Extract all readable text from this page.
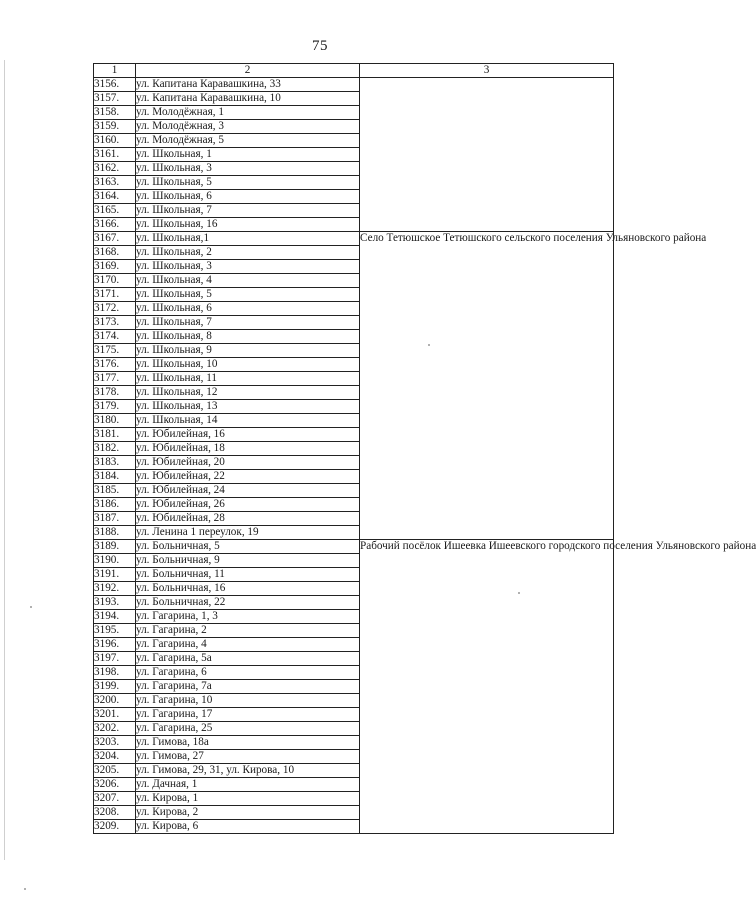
75
1	2	3
3156.	ул. Капитана Каравашкина, 33	
3157.	ул. Капитана Каравашкина, 10	
3158.	ул. Молодёжная, 1	
3159.	ул. Молодёжная, 3	
3160.	ул. Молодёжная, 5	
3161.	ул. Школьная, 1	
3162.	ул. Школьная, 3	
3163.	ул. Школьная, 5	
3164.	ул. Школьная, 6	
3165.	ул. Школьная, 7	
3166.	ул. Школьная, 16	
3167.	ул. Школьная,1	Село Тетюшское Тетюшского сельского поселения Ульяновского района
3168.	ул. Школьная, 2	
3169.	ул. Школьная, 3	
3170.	ул. Школьная, 4	
3171.	ул. Школьная, 5	
3172.	ул. Школьная, 6	
3173.	ул. Школьная, 7	
3174.	ул. Школьная, 8	
3175.	ул. Школьная, 9	
3176.	ул. Школьная, 10	
3177.	ул. Школьная, 11	
3178.	ул. Школьная, 12	
3179.	ул. Школьная, 13	
3180.	ул. Школьная, 14	
3181.	ул. Юбилейная, 16	
3182.	ул. Юбилейная, 18	
3183.	ул. Юбилейная, 20	
3184.	ул. Юбилейная, 22	
3185.	ул. Юбилейная, 24	
3186.	ул. Юбилейная, 26	
3187.	ул. Юбилейная, 28	
3188.	ул. Ленина 1 переулок, 19	
3189.	ул. Больничная, 5	Рабочий посёлок Ишеевка Ишеевского городского поселения Ульяновского района
3190.	ул. Больничная, 9	
3191.	ул. Больничная, 11	
3192.	ул. Больничная, 16	
3193.	ул. Больничная, 22	
3194.	ул. Гагарина, 1, 3	
3195.	ул. Гагарина, 2	
3196.	ул. Гагарина, 4	
3197.	ул. Гагарина, 5а	
3198.	ул. Гагарина, 6	
3199.	ул. Гагарина, 7а	
3200.	ул. Гагарина, 10	
3201.	ул. Гагарина, 17	
3202.	ул. Гагарина, 25	
3203.	ул. Гимова, 18а	
3204.	ул. Гимова, 27	
3205.	ул. Гимова, 29, 31, ул. Кирова, 10	
3206.	ул. Дачная, 1	
3207.	ул. Кирова, 1	
3208.	ул. Кирова, 2	
3209.	ул. Кирова, 6	
